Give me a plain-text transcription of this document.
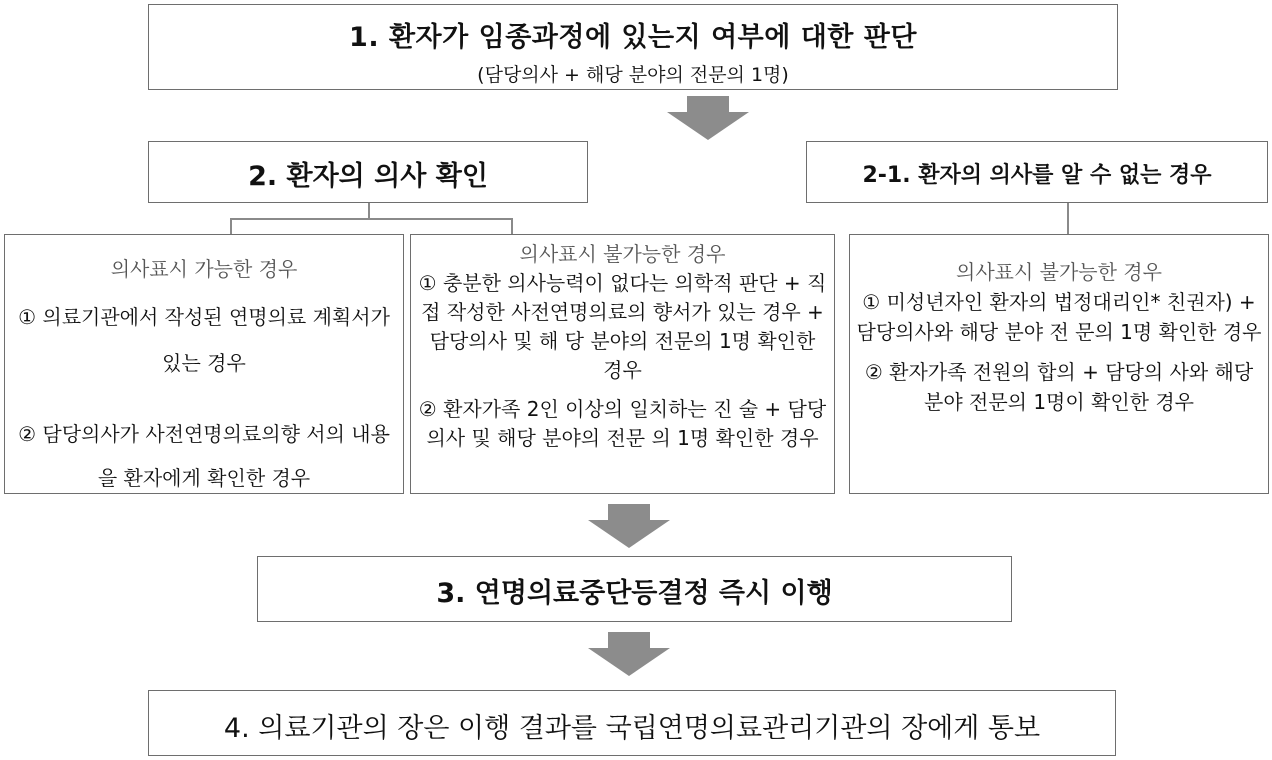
1. 환자가 임종과정에 있는지 여부에 대한 판단
(담당의사 + 해당 분야의 전문의 1명)
2. 환자의 의사 확인	2-1. 환자의 의사를 알 수 없는 경우
의사표시 가능한 경우
① 의료기관에서 작성된 연명의료 계획서가 있는 경우
② 담당의사가 사전연명의료의향 서의 내용을 환자에게 확인한 경우
의사표시 불가능한 경우
① 충분한 의사능력이 없다는 의학적 판단 + 직접 작성한 사전연명의료의 향서가 있는 경우 + 담당의사 및 해 당 분야의 전문의 1명 확인한 경우
② 환자가족 2인 이상의 일치하는 진 술 + 담당의사 및 해당 분야의 전문 의 1명 확인한 경우
의사표시 불가능한 경우
① 미성년자인 환자의 법정대리인* 친권자) + 담당의사와 해당 분야 전 문의 1명 확인한 경우
② 환자가족 전원의 합의 + 담당의 사와 해당 분야 전문의 1명이 확인한 경우
3. 연명의료중단등결정 즉시 이행
4. 의료기관의 장은 이행 결과를 국립연명의료관리기관의 장에게 통보
